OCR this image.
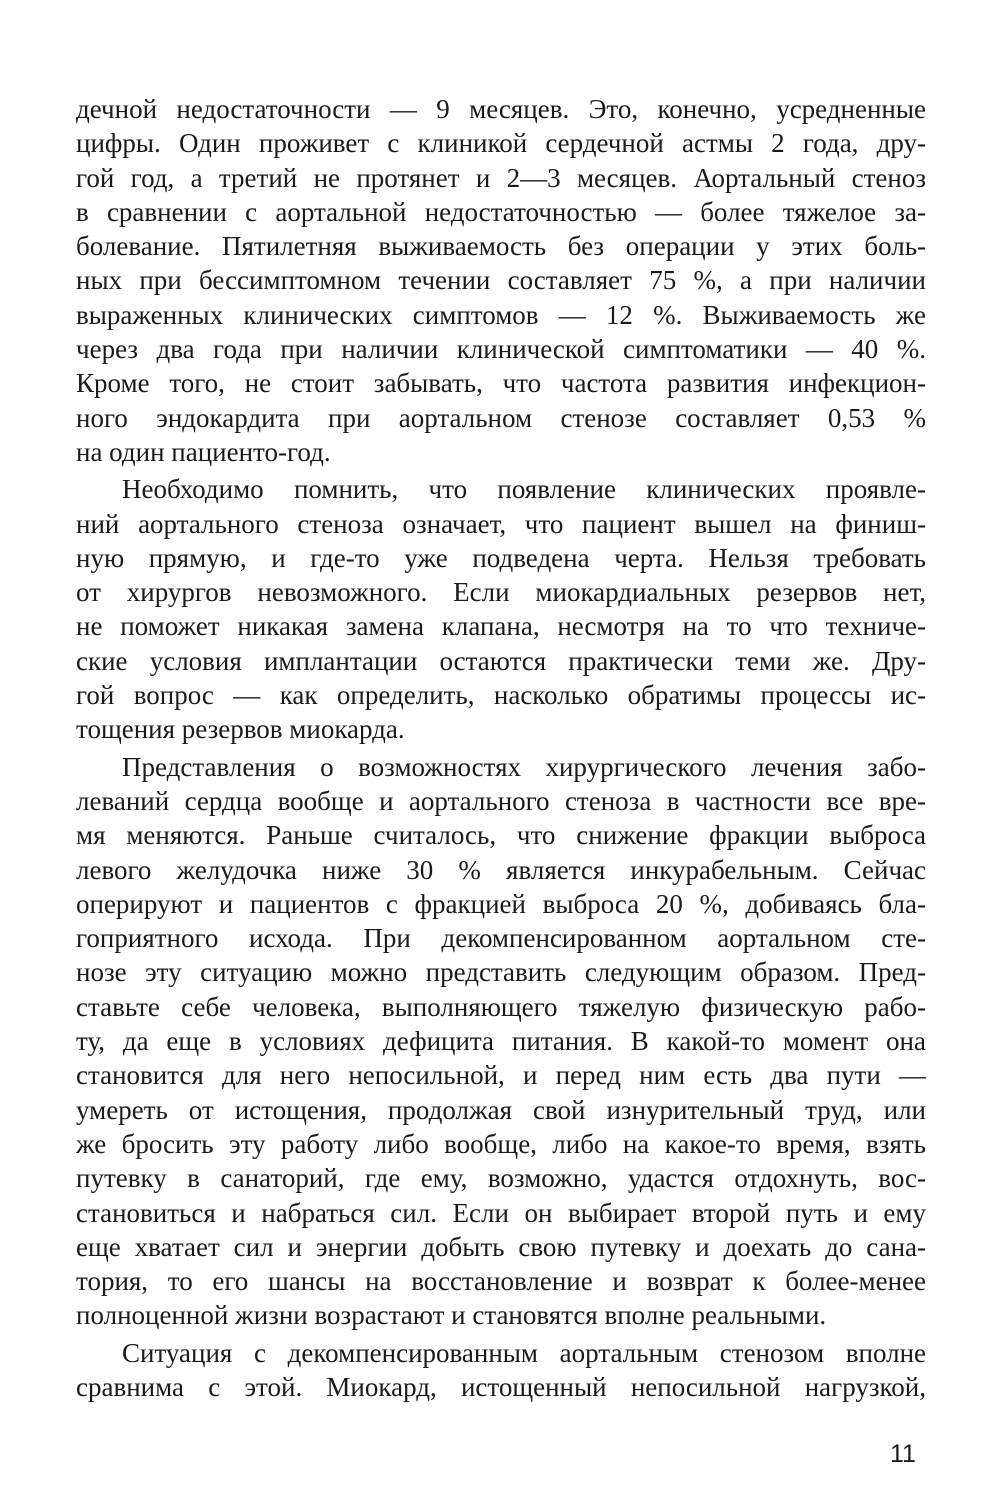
дечной недостаточности — 9 месяцев. Это, конечно, усредненные
цифры. Один проживет с клиникой сердечной астмы 2 года, дру-
гой год, а третий не протянет и 2—3 месяцев. Аортальный стеноз
в сравнении с аортальной недостаточностью — более тяжелое за-
болевание. Пятилетняя выживаемость без операции у этих боль-
ных при бессимптомном течении составляет 75 %, а при наличии
выраженных клинических симптомов — 12 %. Выживаемость же
через два года при наличии клинической симптоматики — 40 %.
Кроме того, не стоит забывать, что частота развития инфекцион-
ного эндокардита при аортальном стенозе составляет 0,53 %
на один пациенто-год.
Необходимо помнить, что появление клинических проявле-
ний аортального стеноза означает, что пациент вышел на финиш-
ную прямую, и где-то уже подведена черта. Нельзя требовать
от хирургов невозможного. Если миокардиальных резервов нет,
не поможет никакая замена клапана, несмотря на то что техниче-
ские условия имплантации остаются практически теми же. Дру-
гой вопрос — как определить, насколько обратимы процессы ис-
тощения резервов миокарда.
Представления о возможностях хирургического лечения забо-
леваний сердца вообще и аортального стеноза в частности все вре-
мя меняются. Раньше считалось, что снижение фракции выброса
левого желудочка ниже 30 % является инкурабельным. Сейчас
оперируют и пациентов с фракцией выброса 20 %, добиваясь бла-
гоприятного исхода. При декомпенсированном аортальном сте-
нозе эту ситуацию можно представить следующим образом. Пред-
ставьте себе человека, выполняющего тяжелую физическую рабо-
ту, да еще в условиях дефицита питания. В какой-то момент она
становится для него непосильной, и перед ним есть два пути —
умереть от истощения, продолжая свой изнурительный труд, или
же бросить эту работу либо вообще, либо на какое-то время, взять
путевку в санаторий, где ему, возможно, удастся отдохнуть, вос-
становиться и набраться сил. Если он выбирает второй путь и ему
еще хватает сил и энергии добыть свою путевку и доехать до сана-
тория, то его шансы на восстановление и возврат к более-менее
полноценной жизни возрастают и становятся вполне реальными.
Ситуация с декомпенсированным аортальным стенозом вполне
сравнима с этой. Миокард, истощенный непосильной нагрузкой,
11
